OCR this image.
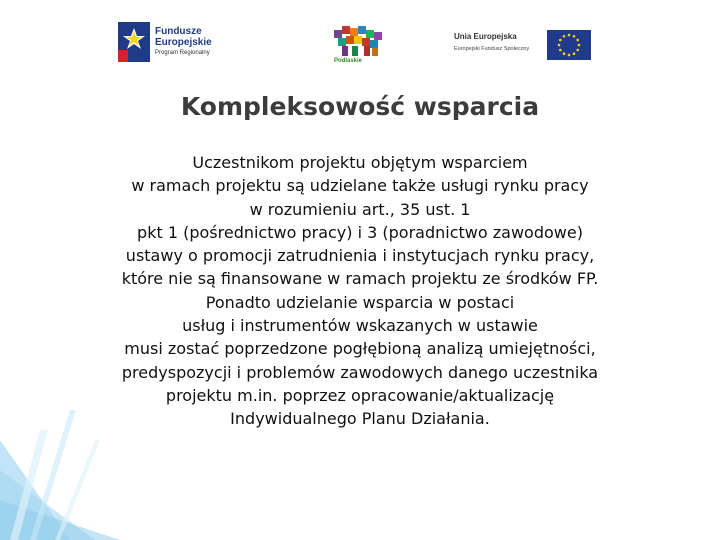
Fundusze
Europejskie
Program Regionalny
Podlaskie
Unia Europejska
Europejski Fundusz Społeczny
Kompleksowość wsparcia
Uczestnikom projektu objętym wsparciem
w ramach projektu są udzielane także usługi rynku pracy
w rozumieniu art., 35 ust. 1
pkt 1 (pośrednictwo pracy) i 3 (poradnictwo zawodowe)
ustawy o promocji zatrudnienia i instytucjach rynku pracy,
które nie są finansowane w ramach projektu ze środków FP.
Ponadto udzielanie wsparcia w postaci
usług i instrumentów wskazanych w ustawie
musi zostać poprzedzone pogłębioną analizą umiejętności,
predyspozycji i problemów zawodowych danego uczestnika
projektu m.in. poprzez opracowanie/aktualizację
Indywidualnego Planu Działania.
